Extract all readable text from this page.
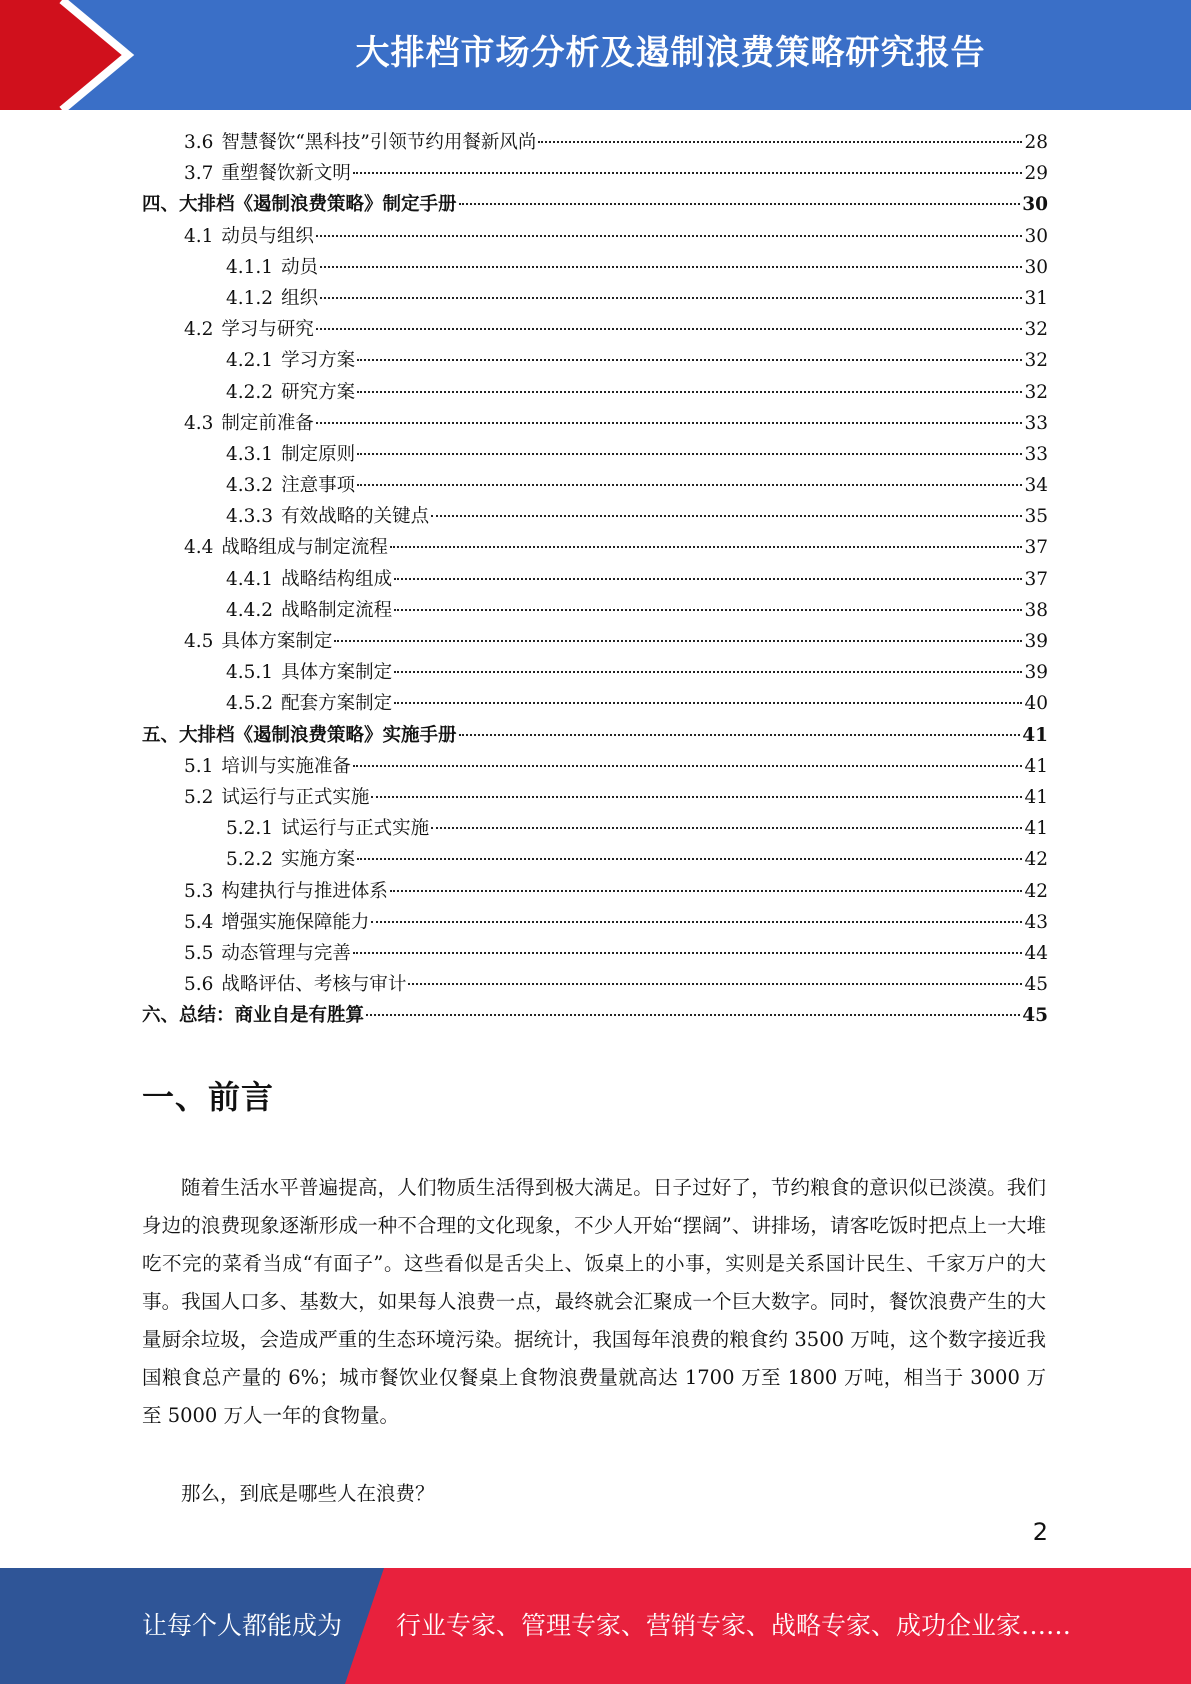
大排档市场分析及遏制浪费策略研究报告
3.6 智慧餐饮“黑科技”引领节约用餐新风尚	28
3.7 重塑餐饮新文明	29
四、大排档《遏制浪费策略》制定手册	30
4.1 动员与组织	30
4.1.1 动员	30
4.1.2 组织	31
4.2 学习与研究	32
4.2.1 学习方案	32
4.2.2 研究方案	32
4.3 制定前准备	33
4.3.1 制定原则	33
4.3.2 注意事项	34
4.3.3 有效战略的关键点	35
4.4 战略组成与制定流程	37
4.4.1 战略结构组成	37
4.4.2 战略制定流程	38
4.5 具体方案制定	39
4.5.1 具体方案制定	39
4.5.2 配套方案制定	40
五、大排档《遏制浪费策略》实施手册	41
5.1 培训与实施准备	41
5.2 试运行与正式实施	41
5.2.1 试运行与正式实施	41
5.2.2 实施方案	42
5.3 构建执行与推进体系	42
5.4 增强实施保障能力	43
5.5 动态管理与完善	44
5.6 战略评估、考核与审计	45
六、总结：商业自是有胜算	45
一、前言

随着生活水平普遍提高，人们物质生活得到极大满足。日子过好了，节约粮食的意识似已淡漠。我们身边的浪费现象逐渐形成一种不合理的文化现象，不少人开始“摆阔”、讲排场，请客吃饭时把点上一大堆吃不完的菜肴当成“有面子”。这些看似是舌尖上、饭桌上的小事，实则是关系国计民生、千家万户的大事。我国人口多、基数大，如果每人浪费一点，最终就会汇聚成一个巨大数字。同时，餐饮浪费产生的大量厨余垃圾，会造成严重的生态环境污染。据统计，我国每年浪费的粮食约 3500 万吨，这个数字接近我国粮食总产量的 6%；城市餐饮业仅餐桌上食物浪费量就高达 1700 万至 1800 万吨，相当于 3000 万至 5000 万人一年的食物量。

那么，到底是哪些人在浪费？

2
让每个人都能成为 行业专家、管理专家、营销专家、战略专家、成功企业家……
